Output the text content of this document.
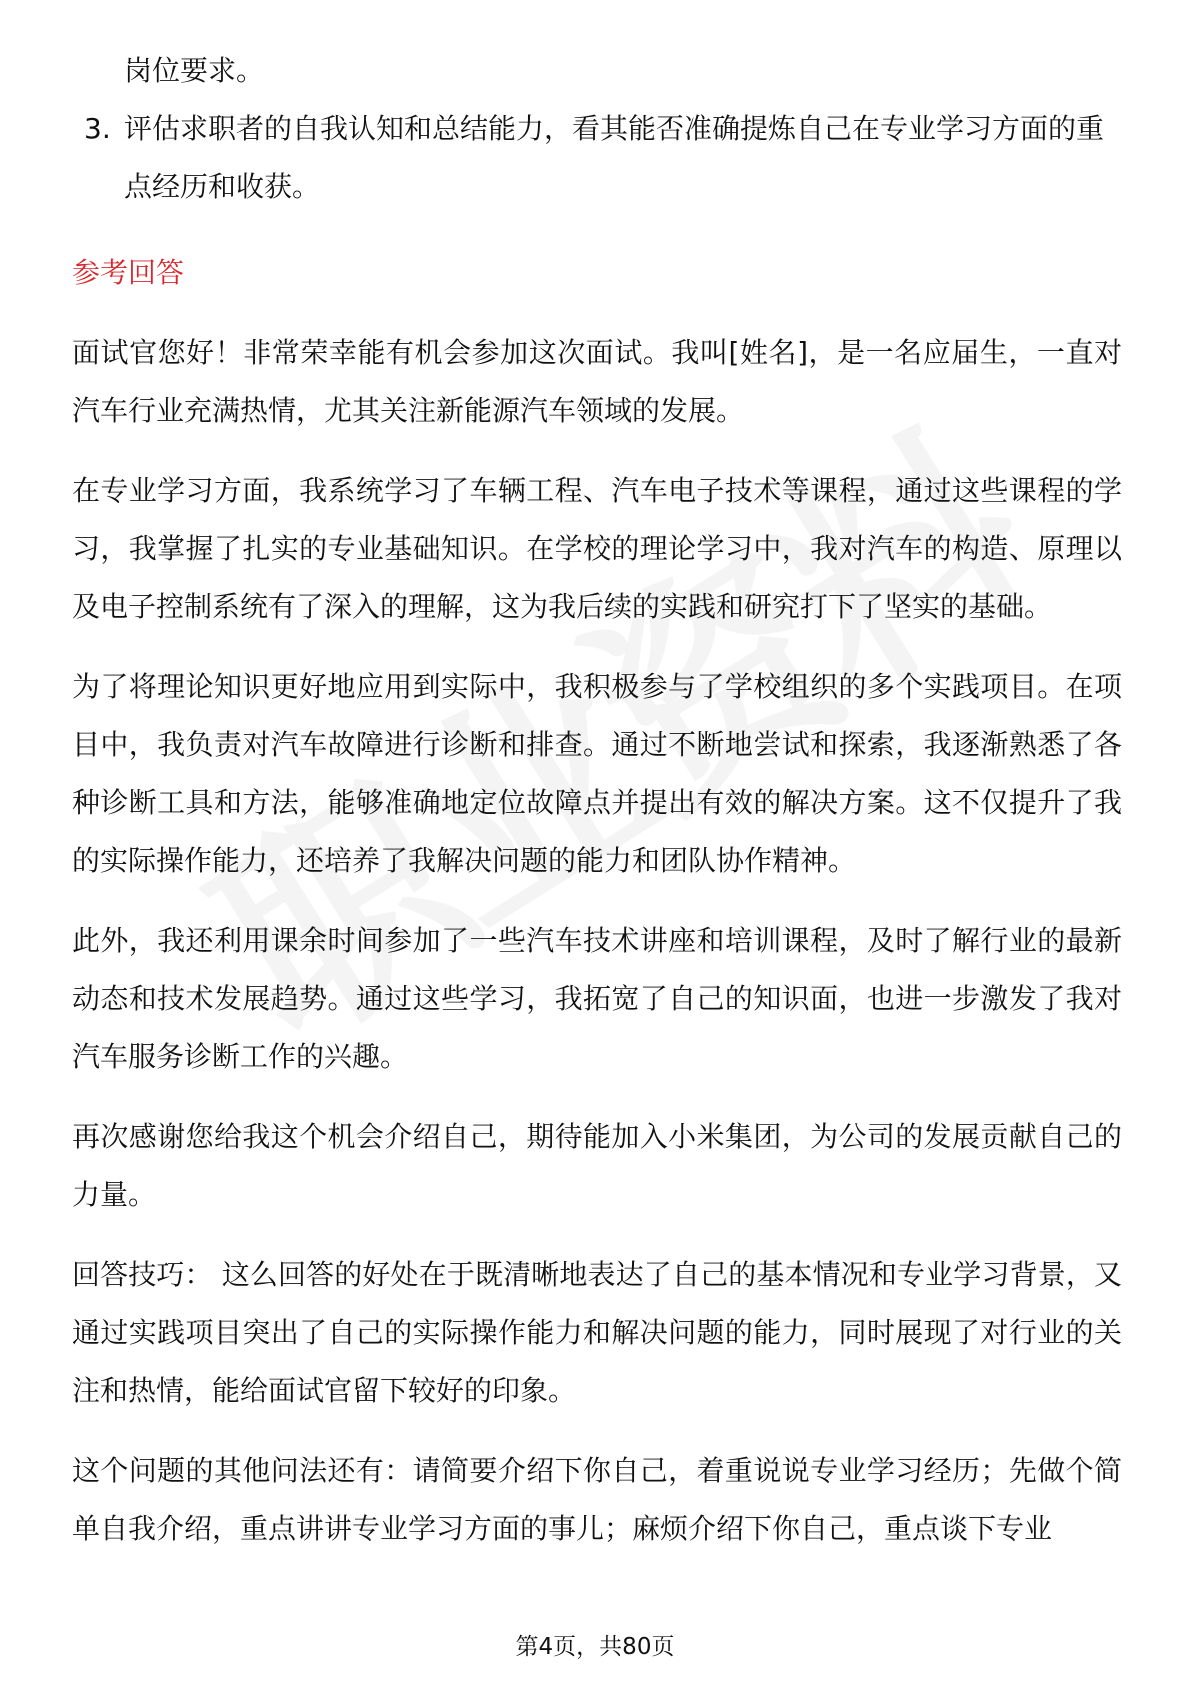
岗位要求。

3. 评估求职者的自我认知和总结能力，看其能否准确提炼自己在专业学习方面的重点经历和收获。
参考回答

面试官您好！非常荣幸能有机会参加这次面试。我叫[姓名]，是一名应届生，一直对汽车行业充满热情，尤其关注新能源汽车领域的发展。

在专业学习方面，我系统学习了车辆工程、汽车电子技术等课程，通过这些课程的学习，我掌握了扎实的专业基础知识。在学校的理论学习中，我对汽车的构造、原理以及电子控制系统有了深入的理解，这为我后续的实践和研究打下了坚实的基础。

为了将理论知识更好地应用到实际中，我积极参与了学校组织的多个实践项目。在项目中，我负责对汽车故障进行诊断和排查。通过不断地尝试和探索，我逐渐熟悉了各种诊断工具和方法，能够准确地定位故障点并提出有效的解决方案。这不仅提升了我的实际操作能力，还培养了我解决问题的能力和团队协作精神。

此外，我还利用课余时间参加了一些汽车技术讲座和培训课程，及时了解行业的最新动态和技术发展趋势。通过这些学习，我拓宽了自己的知识面，也进一步激发了我对汽车服务诊断工作的兴趣。

再次感谢您给我这个机会介绍自己，期待能加入小米集团，为公司的发展贡献自己的力量。

回答技巧： 这么回答的好处在于既清晰地表达了自己的基本情况和专业学习背景，又通过实践项目突出了自己的实际操作能力和解决问题的能力，同时展现了对行业的关注和热情，能给面试官留下较好的印象。

这个问题的其他问法还有：请简要介绍下你自己，着重说说专业学习经历；先做个简单自我介绍，重点讲讲专业学习方面的事儿；麻烦介绍下你自己，重点谈下专业

第4页，共80页
